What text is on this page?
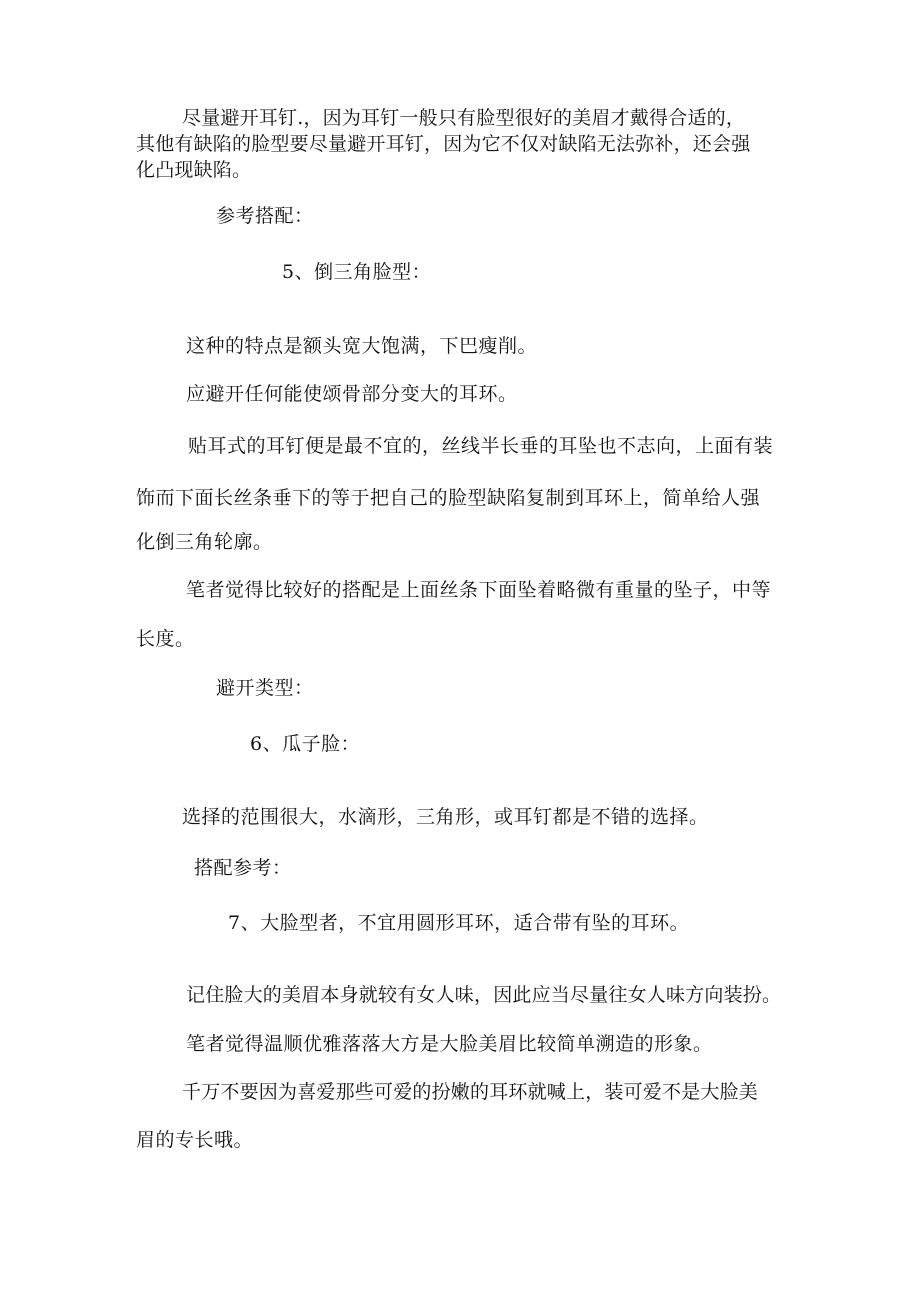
尽量避开耳钉.，因为耳钉一般只有脸型很好的美眉才戴得合适的，
其他有缺陷的脸型要尽量避开耳钉，因为它不仅对缺陷无法弥补，还会强
化凸现缺陷。
参考搭配：
5、倒三角脸型：
这种的特点是额头宽大饱满，下巴瘦削。
应避开任何能使颂骨部分变大的耳环。
贴耳式的耳钉便是最不宜的，丝线半长垂的耳坠也不志向，上面有装
饰而下面长丝条垂下的等于把自己的脸型缺陷复制到耳环上，简单给人强
化倒三角轮廓。
笔者觉得比较好的搭配是上面丝条下面坠着略微有重量的坠子，中等
长度。
避开类型：
6、瓜子脸：
选择的范围很大，水滴形，三角形，或耳钉都是不错的选择。
搭配参考：
7、大脸型者，不宜用圆形耳环，适合带有坠的耳环。
记住脸大的美眉本身就较有女人味，因此应当尽量往女人味方向装扮。
笔者觉得温顺优雅落落大方是大脸美眉比较简单溯造的形象。
千万不要因为喜爱那些可爱的扮嫩的耳环就喊上，装可爱不是大脸美
眉的专长哦。
